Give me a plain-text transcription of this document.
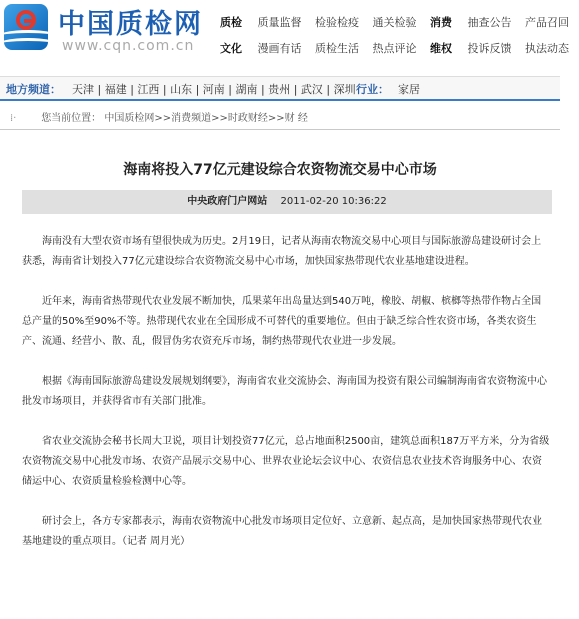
中国质检网
www.cqn.com.cn
质检 质量监督 检验检疫 通关检验 消费 抽查公告 产品召回
文化 漫画有话 质检生活 热点评论 维权 投诉反馈 执法动态
地方频道： 天津 | 福建 | 江西 | 山东 | 河南 | 湖南 | 贵州 | 武汉 | 深圳 行业： 家居
⁞· 您当前位置： 中国质检网>>消费频道>>时政财经>>财 经
海南将投入77亿元建设综合农资物流交易中心市场
中央政府门户网站 2011-02-20 10:36:22

海南没有大型农资市场有望很快成为历史。2月19日，记者从海南农物流交易中心项目与国际旅游岛建设研讨会上获悉，海南省计划投入77亿元建设综合农资物流交易中心市场，加快国家热带现代农业基地建设进程。

近年来，海南省热带现代农业发展不断加快，瓜果菜年出岛量达到540万吨，橡胶、胡椒、槟榔等热带作物占全国总产量的50%至90%不等。热带现代农业在全国形成不可替代的重要地位。但由于缺乏综合性农资市场，各类农资生产、流通、经营小、散、乱，假冒伪劣农资充斥市场，制约热带现代农业进一步发展。

根据《海南国际旅游岛建设发展规划纲要》，海南省农业交流协会、海南国为投资有限公司编制海南省农资物流中心批发市场项目，并获得省市有关部门批准。

省农业交流协会秘书长周大卫说，项目计划投资77亿元，总占地面积2500亩，建筑总面积187万平方米，分为省级农资物流交易中心批发市场、农资产品展示交易中心、世界农业论坛会议中心、农资信息农业技术咨询服务中心、农资储运中心、农资质量检验检测中心等。

研讨会上，各方专家都表示，海南农资物流中心批发市场项目定位好、立意新、起点高，是加快国家热带现代农业基地建设的重点项目。（记者 周月光）
